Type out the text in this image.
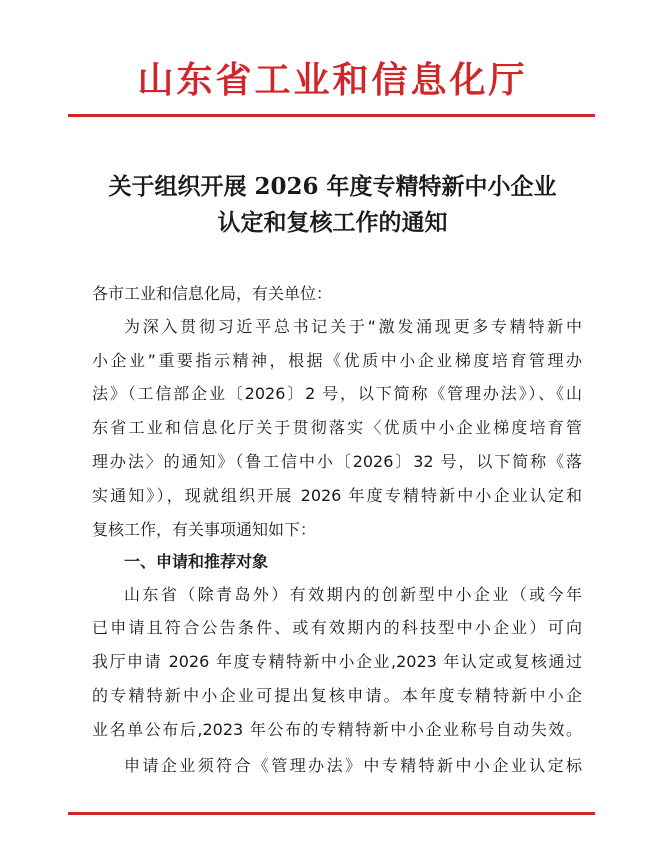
山东省工业和信息化厅
关于组织开展 2026 年度专精特新中小企业
认定和复核工作的通知
各市工业和信息化局，有关单位：
为深入贯彻习近平总书记关于“激发涌现更多专精特新中
小企业”重要指示精神，根据《优质中小企业梯度培育管理办
法》（工信部企业〔2026〕2 号，以下简称《管理办法》）、《山
东省工业和信息化厅关于贯彻落实〈优质中小企业梯度培育管
理办法〉的通知》（鲁工信中小〔2026〕32 号，以下简称《落
实通知》），现就组织开展 2026 年度专精特新中小企业认定和
复核工作，有关事项通知如下：
一、申请和推荐对象
山东省（除青岛外）有效期内的创新型中小企业（或今年
已申请且符合公告条件、或有效期内的科技型中小企业）可向
我厅申请 2026 年度专精特新中小企业,2023 年认定或复核通过
的专精特新中小企业可提出复核申请。本年度专精特新中小企
业名单公布后,2023 年公布的专精特新中小企业称号自动失效。
申请企业须符合《管理办法》中专精特新中小企业认定标
